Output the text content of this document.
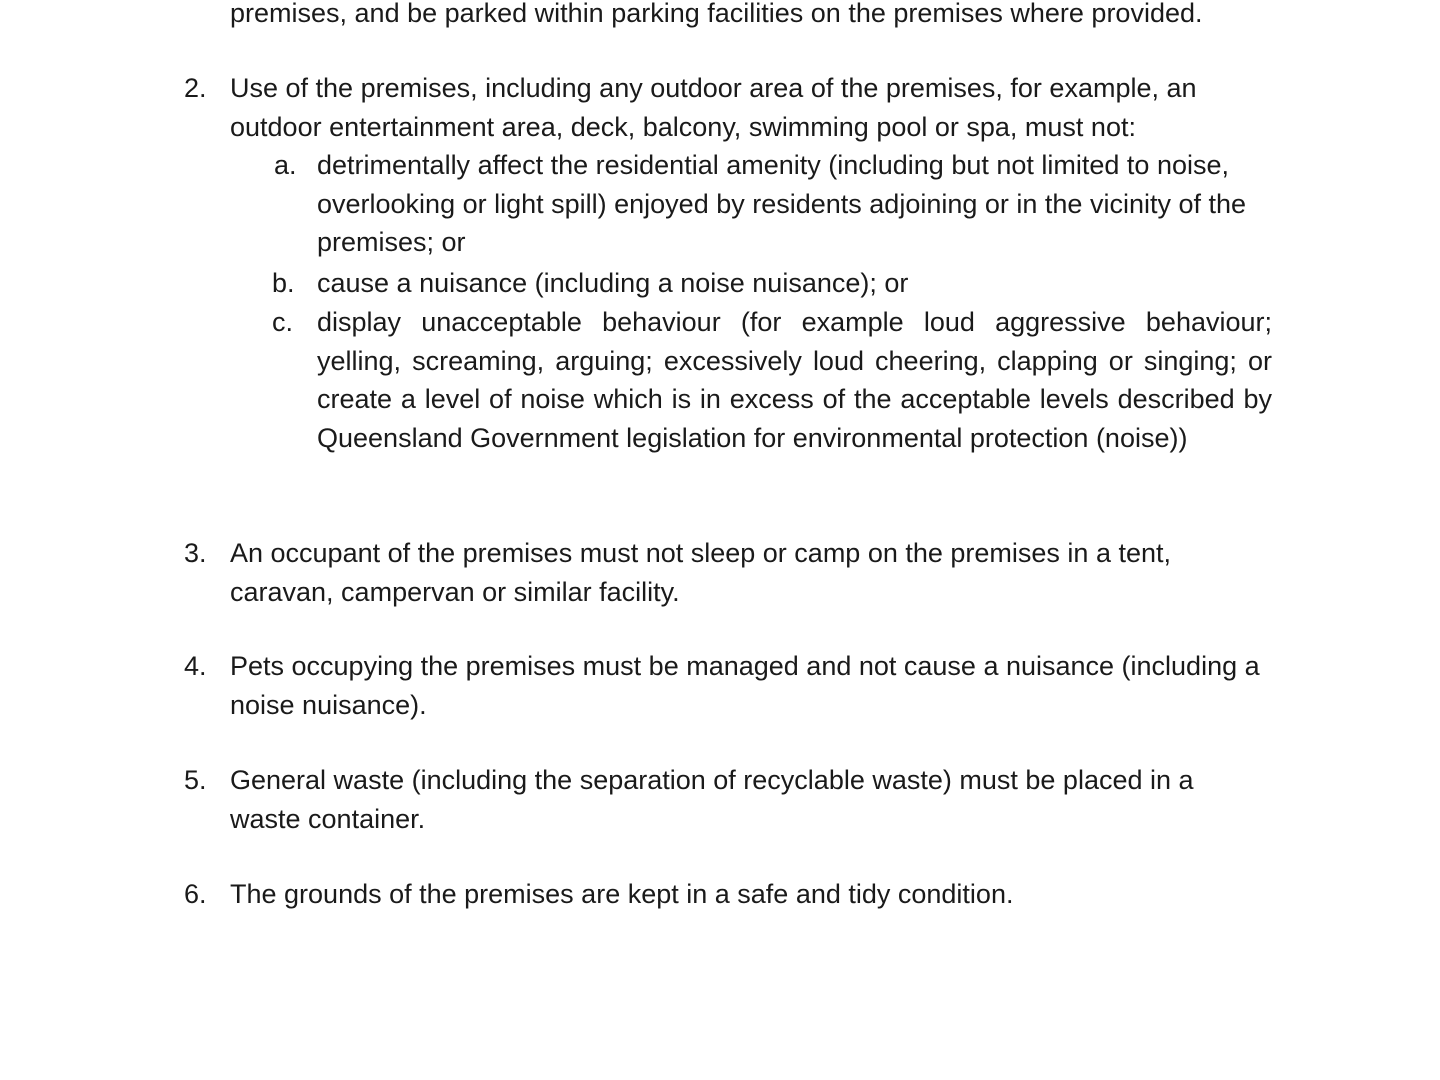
premises, and be parked within parking facilities on the premises where provided.
2. Use of the premises, including any outdoor area of the premises, for example, an outdoor entertainment area, deck, balcony, swimming pool or spa, must not:
a. detrimentally affect the residential amenity (including but not limited to noise, overlooking or light spill) enjoyed by residents adjoining or in the vicinity of the premises; or
b. cause a nuisance (including a noise nuisance); or
c. display unacceptable behaviour (for example loud aggressive behaviour; yelling, screaming, arguing; excessively loud cheering, clapping or singing; or create a level of noise which is in excess of the acceptable levels described by Queensland Government legislation for environmental protection (noise))
3. An occupant of the premises must not sleep or camp on the premises in a tent, caravan, campervan or similar facility.
4. Pets occupying the premises must be managed and not cause a nuisance (including a noise nuisance).
5. General waste (including the separation of recyclable waste) must be placed in a waste container.
6. The grounds of the premises are kept in a safe and tidy condition.
